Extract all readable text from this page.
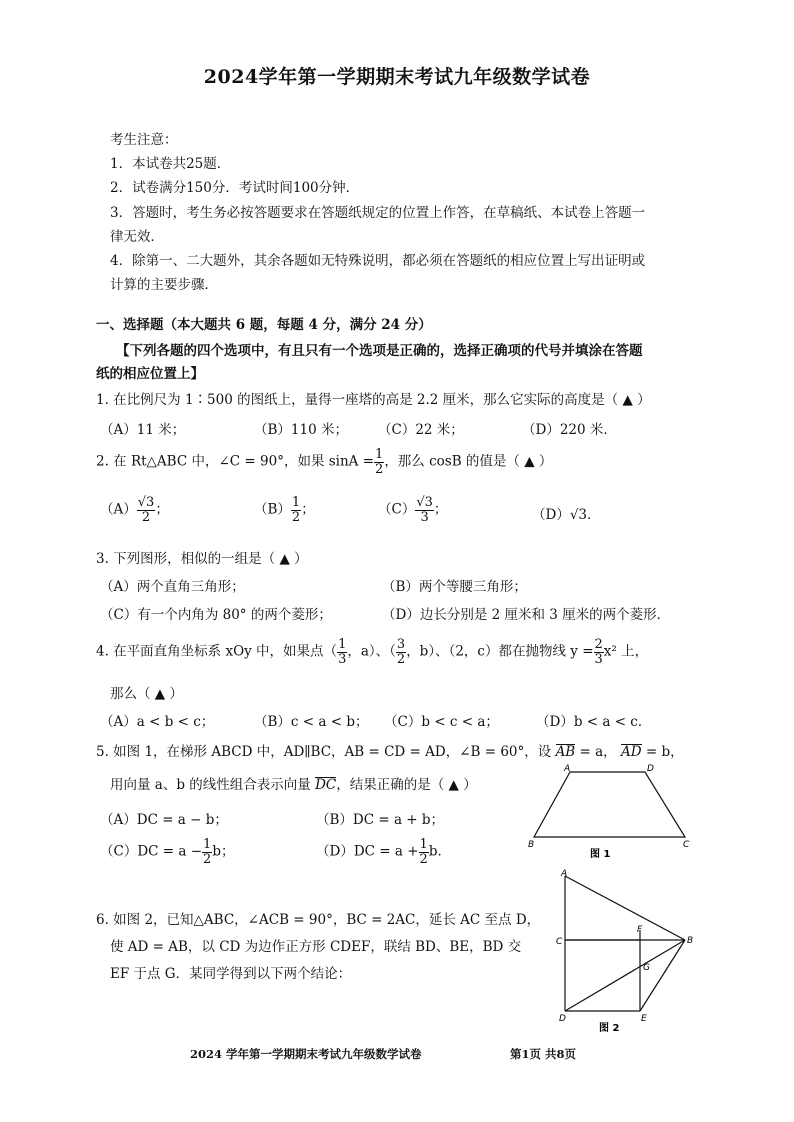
2024学年第一学期期末考试九年级数学试卷
考生注意：
1．本试卷共25题．
2．试卷满分150分．考试时间100分钟．
3．答题时，考生务必按答题要求在答题纸规定的位置上作答，在草稿纸、本试卷上答题一
律无效．
4．除第一、二大题外，其余各题如无特殊说明，都必须在答题纸的相应位置上写出证明或
计算的主要步骤．
一、选择题（本大题共 6 题，每题 4 分，满分 24 分）
【下列各题的四个选项中，有且只有一个选项是正确的，选择正确项的代号并填涂在答题
纸的相应位置上】
1. 在比例尺为 1∶500 的图纸上，量得一座塔的高是 2.2 厘米，那么它实际的高度是（ ▲ ）
（A）11 米；	（B）110 米； （C）22 米；	（D）220 米．
2. 在 Rt△ABC 中，∠C = 90°，如果 $\sin A = \frac{1}{2}$ ，那么 cosB 的值是（ ▲ ）
$(A) \frac{√3}{2}$ ；	$(B) \frac{1}{2}$ ；	$(C) \frac{√3}{3}$ ；	（D）√3．
3. 下列图形，相似的一组是（ ▲ ）
（A）两个直角三角形；	（B）两个等腰三角形；
（C）有一个内角为 80° 的两个菱形；	（D）边长分别是 2 厘米和 3 厘米的两个菱形．
4. 在平面直角坐标系 xOy 中，如果点（ $\frac{1}{3}$ ，a）、（ $\frac{3}{2}$ ，b）、（2，c）都在抛物线 $y = \frac{2}{3} x^2$ 上，
那么（ ▲ ）
（A）a < b < c；	（B）c < a < b； （C）b < c < a；	（D）b < a < c．
5. 如图 1，在梯形 ABCD 中，AD∥BC，AB = CD = AD，∠B = 60°，设 AB = a， AD = b，
用向量 a、b 的线性组合表示向量 DC，结果正确的是（ ▲ ）
（A）DC = a − b；	（B）DC = a + b；
$(C)DC = a - \frac{1}{2}$ b；	$(D)DC = a + \frac{1}{2}$ b．
A	D
B	C
图 1
6. 如图 2，已知△ABC，∠ACB = 90°，BC = 2AC，延长 AC 至点 D，
使 AD = AB，以 CD 为边作正方形 CDEF，联结 BD、BE，BD 交
EF 于点 G．某同学得到以下两个结论：
A
C
F
B
G
D	E
图 2
2024 学年第一学期期末考试九年级数学试卷	第1页 共8页
